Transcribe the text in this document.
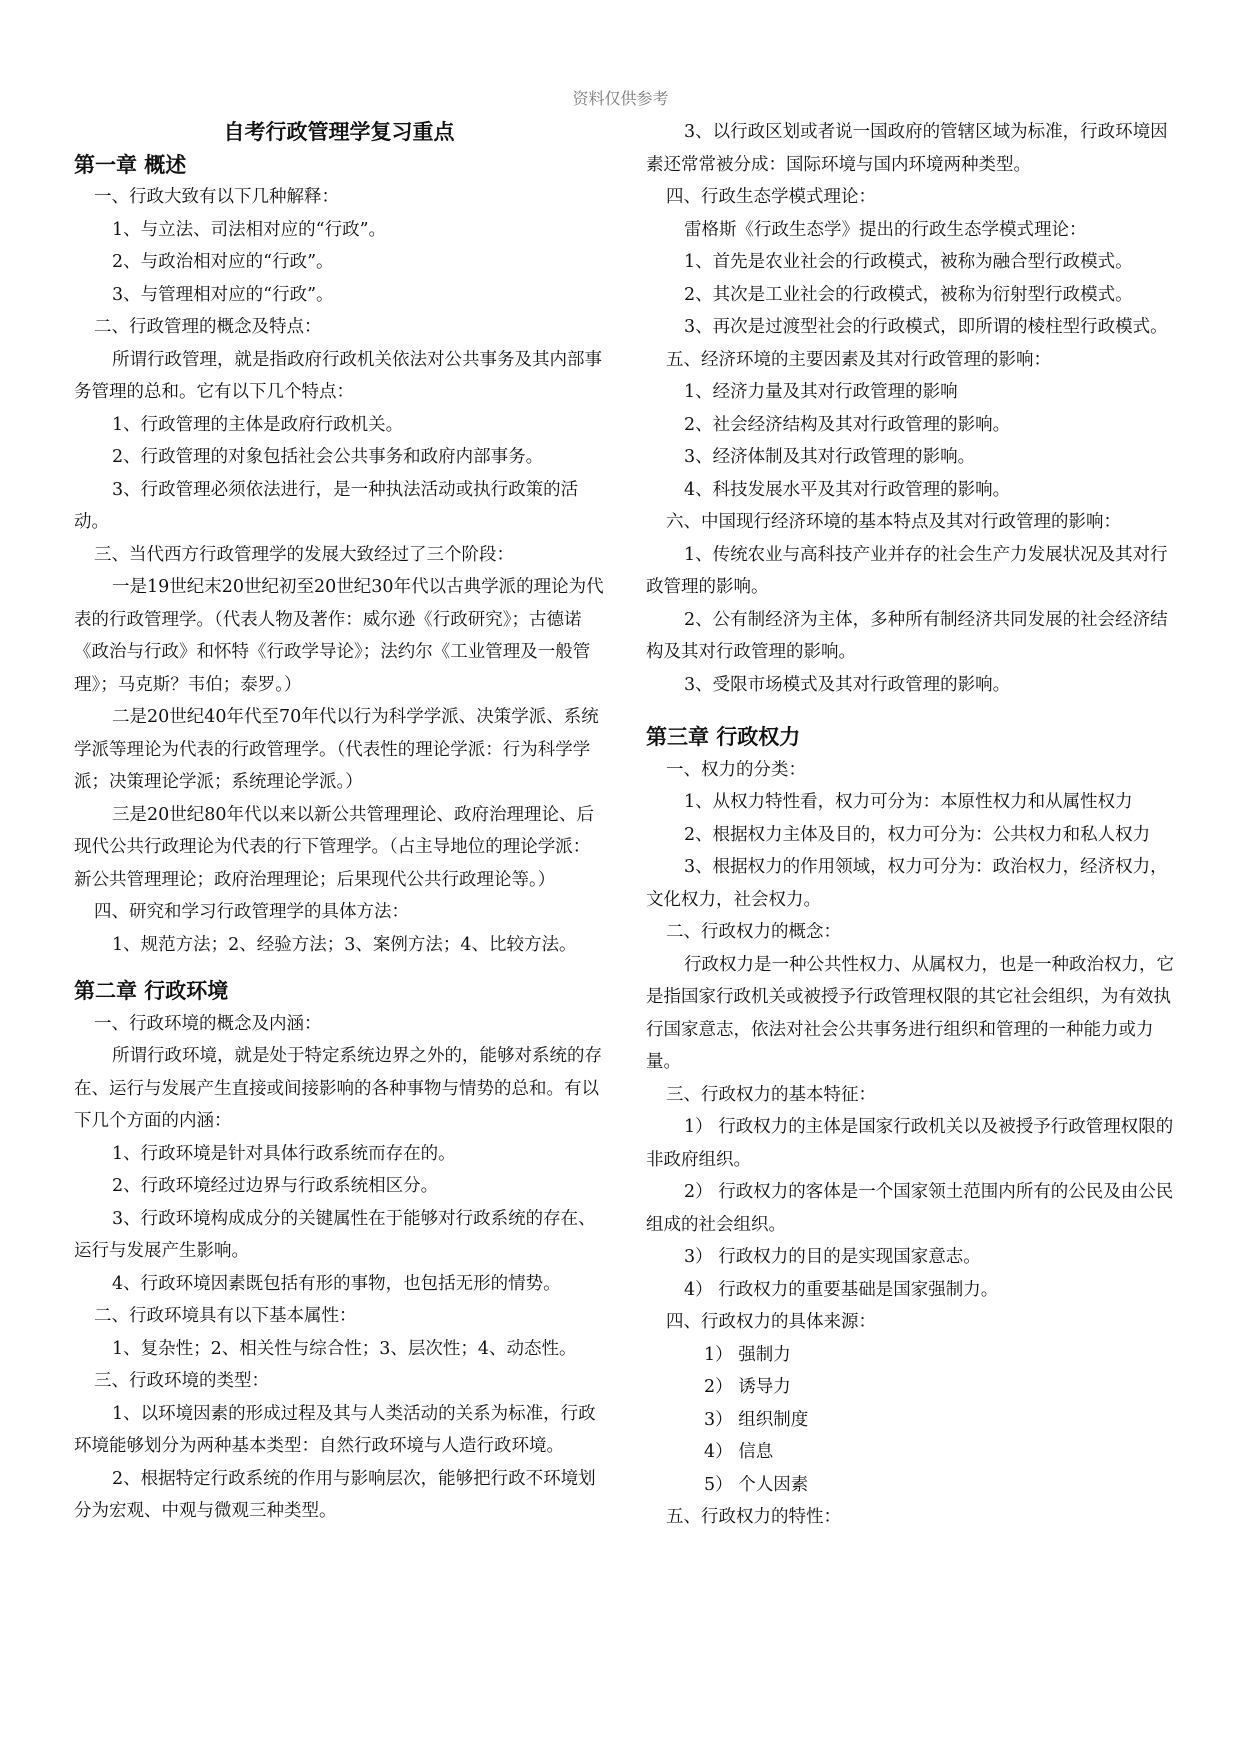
资料仅供参考

自考行政管理学复习重点

第一章 概述

一、行政大致有以下几种解释：

1、与立法、司法相对应的“行政”。

2、与政治相对应的“行政”。

3、与管理相对应的“行政”。

二、行政管理的概念及特点：

所谓行政管理，就是指政府行政机关依法对公共事务及其内部事务管理的总和。它有以下几个特点：

1、行政管理的主体是政府行政机关。

2、行政管理的对象包括社会公共事务和政府内部事务。

3、行政管理必须依法进行，是一种执法活动或执行政策的活动。

三、当代西方行政管理学的发展大致经过了三个阶段：

一是19世纪末20世纪初至20世纪30年代以古典学派的理论为代表的行政管理学。（代表人物及著作：威尔逊《行政研究》；古德诺《政治与行政》和怀特《行政学导论》；法约尔《工业管理及一般管理》；马克斯？韦伯；泰罗。）

二是20世纪40年代至70年代以行为科学学派、决策学派、系统学派等理论为代表的行政管理学。（代表性的理论学派：行为科学学派；决策理论学派；系统理论学派。）

三是20世纪80年代以来以新公共管理理论、政府治理理论、后现代公共行政理论为代表的行下管理学。（占主导地位的理论学派：新公共管理理论；政府治理理论；后果现代公共行政理论等。）

四、研究和学习行政管理学的具体方法：

1、规范方法；2、经验方法；3、案例方法；4、比较方法。

第二章 行政环境

一、行政环境的概念及内涵：

所谓行政环境，就是处于特定系统边界之外的，能够对系统的存在、运行与发展产生直接或间接影响的各种事物与情势的总和。有以下几个方面的内涵：

1、行政环境是针对具体行政系统而存在的。

2、行政环境经过边界与行政系统相区分。

3、行政环境构成成分的关键属性在于能够对行政系统的存在、运行与发展产生影响。

4、行政环境因素既包括有形的事物，也包括无形的情势。

二、行政环境具有以下基本属性：

1、复杂性；2、相关性与综合性；3、层次性；4、动态性。

三、行政环境的类型：

1、以环境因素的形成过程及其与人类活动的关系为标准，行政环境能够划分为两种基本类型：自然行政环境与人造行政环境。

2、根据特定行政系统的作用与影响层次，能够把行政不环境划分为宏观、中观与微观三种类型。

3、以行政区划或者说一国政府的管辖区域为标准，行政环境因素还常常被分成：国际环境与国内环境两种类型。

四、行政生态学模式理论：

雷格斯《行政生态学》提出的行政生态学模式理论：

1、首先是农业社会的行政模式，被称为融合型行政模式。

2、其次是工业社会的行政模式，被称为衍射型行政模式。

3、再次是过渡型社会的行政模式，即所谓的棱柱型行政模式。

五、经济环境的主要因素及其对行政管理的影响：

1、经济力量及其对行政管理的影响

2、社会经济结构及其对行政管理的影响。

3、经济体制及其对行政管理的影响。

4、科技发展水平及其对行政管理的影响。

六、中国现行经济环境的基本特点及其对行政管理的影响：

1、传统农业与高科技产业并存的社会生产力发展状况及其对行政管理的影响。

2、公有制经济为主体，多种所有制经济共同发展的社会经济结构及其对行政管理的影响。

3、受限市场模式及其对行政管理的影响。

第三章 行政权力

一、权力的分类：

1、从权力特性看，权力可分为：本原性权力和从属性权力

2、根据权力主体及目的，权力可分为：公共权力和私人权力

3、根据权力的作用领域，权力可分为：政治权力，经济权力，文化权力，社会权力。

二、行政权力的概念：

行政权力是一种公共性权力、从属权力，也是一种政治权力，它是指国家行政机关或被授予行政管理权限的其它社会组织，为有效执行国家意志，依法对社会公共事务进行组织和管理的一种能力或力量。

三、行政权力的基本特征：

1） 行政权力的主体是国家行政机关以及被授予行政管理权限的非政府组织。

2） 行政权力的客体是一个国家领土范围内所有的公民及由公民组成的社会组织。

3） 行政权力的目的是实现国家意志。

4） 行政权力的重要基础是国家强制力。

四、行政权力的具体来源：

1） 强制力

2） 诱导力

3） 组织制度

4） 信息

5） 个人因素

五、行政权力的特性：
